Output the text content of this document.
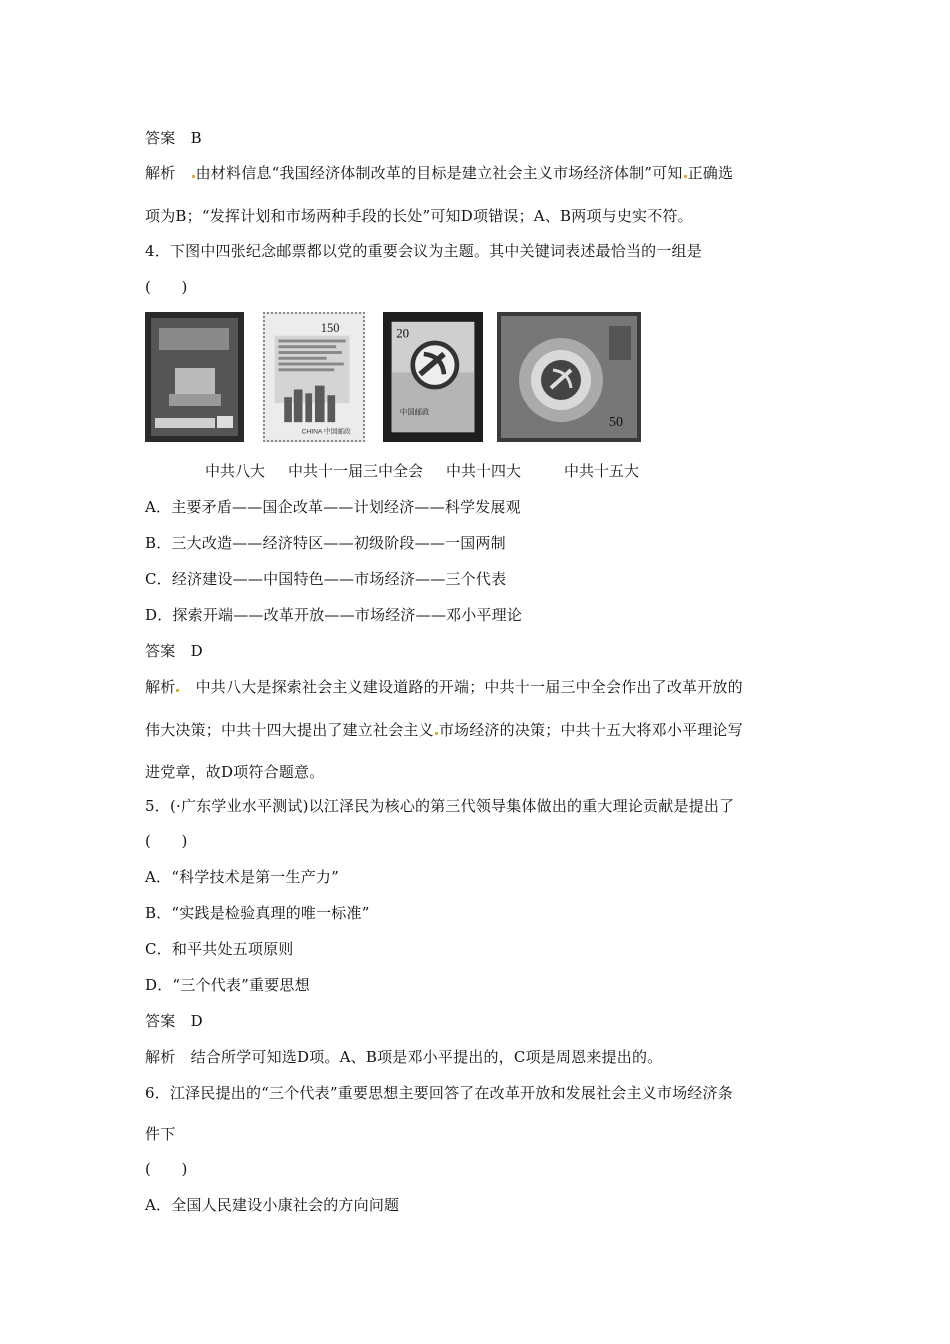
答案　B
解析　 由材料信息“我国经济体制改革的目标是建立社会主义市场经济体制”可知 正确选
项为B；“发挥计划和市场两种手段的长处”可知D项错误；A、B两项与史实不符。
4．下图中四张纪念邮票都以党的重要会议为主题。其中关键词表述最恰当的一组是
(　　)
150
CHINA 中国邮政
20
中国邮政
50
中共八大 中共十一届三中全会 中共十四大	中共十五大
A．主要矛盾——国企改革——计划经济——科学发展观
B．三大改造——经济特区——初级阶段——一国两制
C．经济建设——中国特色——市场经济——三个代表
D．探索开端——改革开放——市场经济——邓小平理论
答案　D
解析　 中共八大是探索社会主义建设道路的开端；中共十一届三中全会作出了改革开放的
伟大决策；中共十四大提出了建立社会主义 市场经济的决策；中共十五大将邓小平理论写
进党章，故D项符合题意。
5．(·广东学业水平测试)以江泽民为核心的第三代领导集体做出的重大理论贡献是提出了
(　　)
A．“科学技术是第一生产力”
B．“实践是检验真理的唯一标准”
C．和平共处五项原则
D．“三个代表”重要思想
答案　D
解析　结合所学可知选D项。A、B项是邓小平提出的，C项是周恩来提出的。
6．江泽民提出的“三个代表”重要思想主要回答了在改革开放和发展社会主义市场经济条
件下
(　　)
A．全国人民建设小康社会的方向问题
